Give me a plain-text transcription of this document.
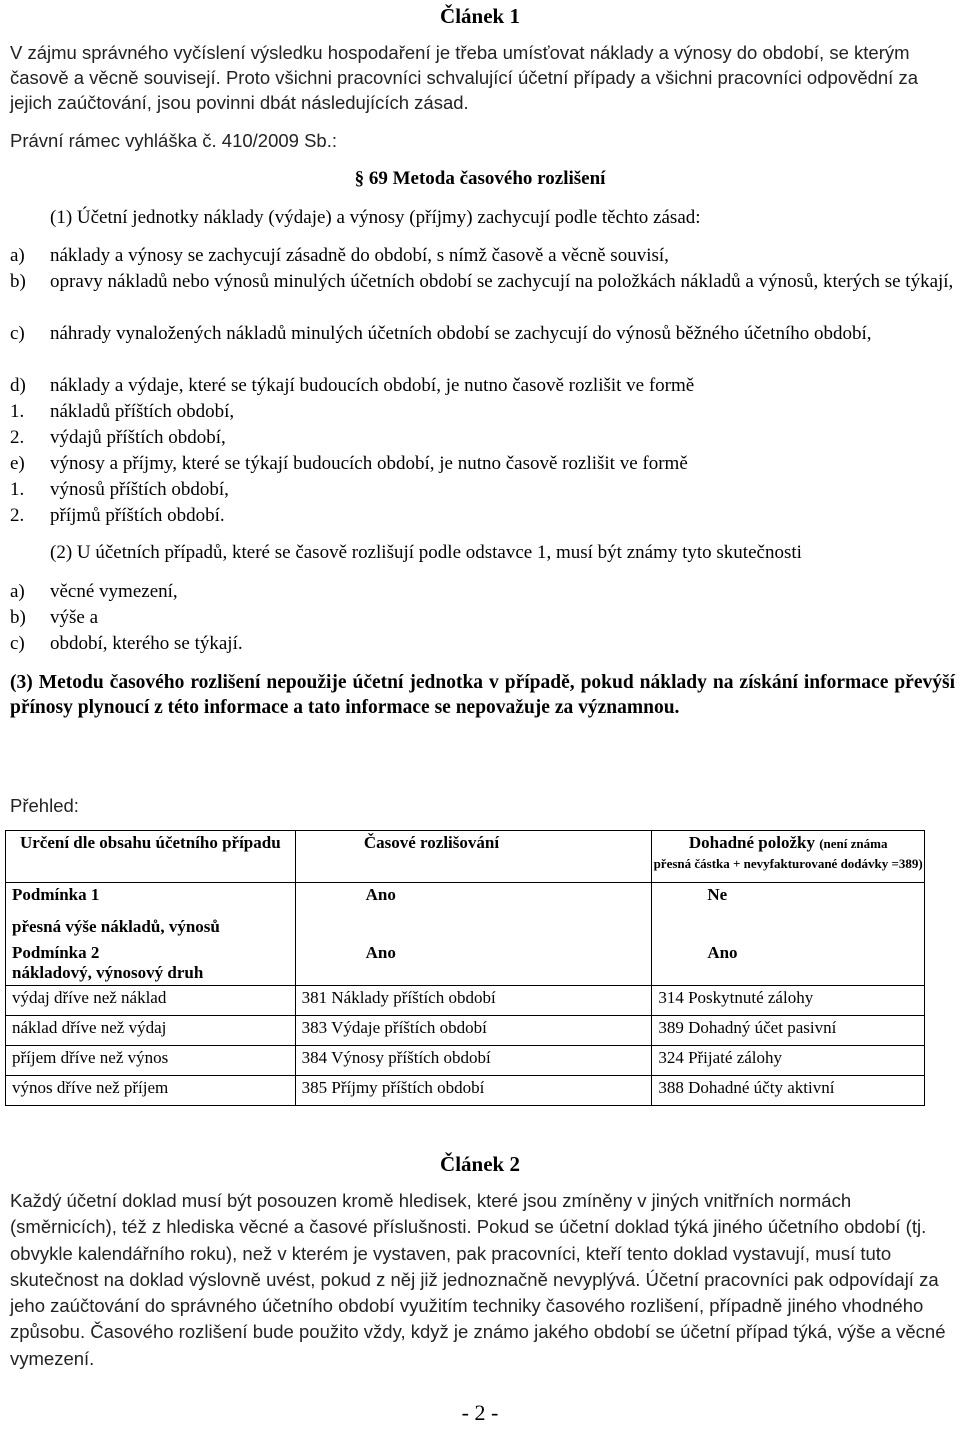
Článek 1
V zájmu správného vyčíslení výsledku hospodaření je třeba umísťovat náklady a výnosy do období, se kterým časově a věcně souvisejí. Proto všichni pracovníci schvalující účetní případy a všichni pracovníci odpovědní za jejich zaúčtování, jsou povinni dbát následujících zásad.
Právní rámec vyhláška č. 410/2009 Sb.:
§ 69 Metoda časového rozlišení
(1) Účetní jednotky náklady (výdaje) a výnosy (příjmy) zachycují podle těchto zásad:
a)	náklady a výnosy se zachycují zásadně do období, s nímž časově a věcně souvisí,
b)	opravy nákladů nebo výnosů minulých účetních období se zachycují na položkách nákladů a výnosů, kterých se týkají,
c)	náhrady vynaložených nákladů minulých účetních období se zachycují do výnosů běžného účetního období,
d)	náklady a výdaje, které se týkají budoucích období, je nutno časově rozlišit ve formě
1.	nákladů příštích období,
2.	výdajů příštích období,
e)	výnosy a příjmy, které se týkají budoucích období, je nutno časově rozlišit ve formě
1.	výnosů příštích období,
2.	příjmů příštích období.
(2) U účetních případů, které se časově rozlišují podle odstavce 1, musí být známy tyto skutečnosti
a)	věcné vymezení,
b)	výše a
c)	období, kterého se týkají.
(3) Metodu časového rozlišení nepoužije účetní jednotka v případě, pokud náklady na získání informace převýší přínosy plynoucí z této informace a tato informace se nepovažuje za významnou.
Přehled:
Určení dle obsahu účetního případu	Časové rozlišování	Dohadné položky (není známa
přesná částka + nevyfakturované dodávky =389)

Podmínka 1
přesná výše nákladů, výnosů	Ano	Ne

Podmínka 2
nákladový, výnosový druh	Ano	Ano
výdaj dříve než náklad	381 Náklady příštích období	314 Poskytnuté zálohy
náklad dříve než výdaj	383 Výdaje příštích období	389 Dohadný účet pasivní
příjem dříve než výnos	384 Výnosy příštích období	324 Přijaté zálohy
výnos dříve než příjem	385 Příjmy příštích období	388 Dohadné účty aktivní
Článek 2
Každý účetní doklad musí být posouzen kromě hledisek, které jsou zmíněny v jiných vnitřních normách (směrnicích), též z hlediska věcné a časové příslušnosti. Pokud se účetní doklad týká jiného účetního období (tj. obvykle kalendářního roku), než v kterém je vystaven, pak pracovníci, kteří tento doklad vystavují, musí tuto skutečnost na doklad výslovně uvést, pokud z něj již jednoznačně nevyplývá. Účetní pracovníci pak odpovídají za jeho zaúčtování do správného účetního období využitím techniky časového rozlišení, případně jiného vhodného způsobu. Časového rozlišení bude použito vždy, když je známo jakého období se účetní případ týká, výše a věcné vymezení.
- 2 -
